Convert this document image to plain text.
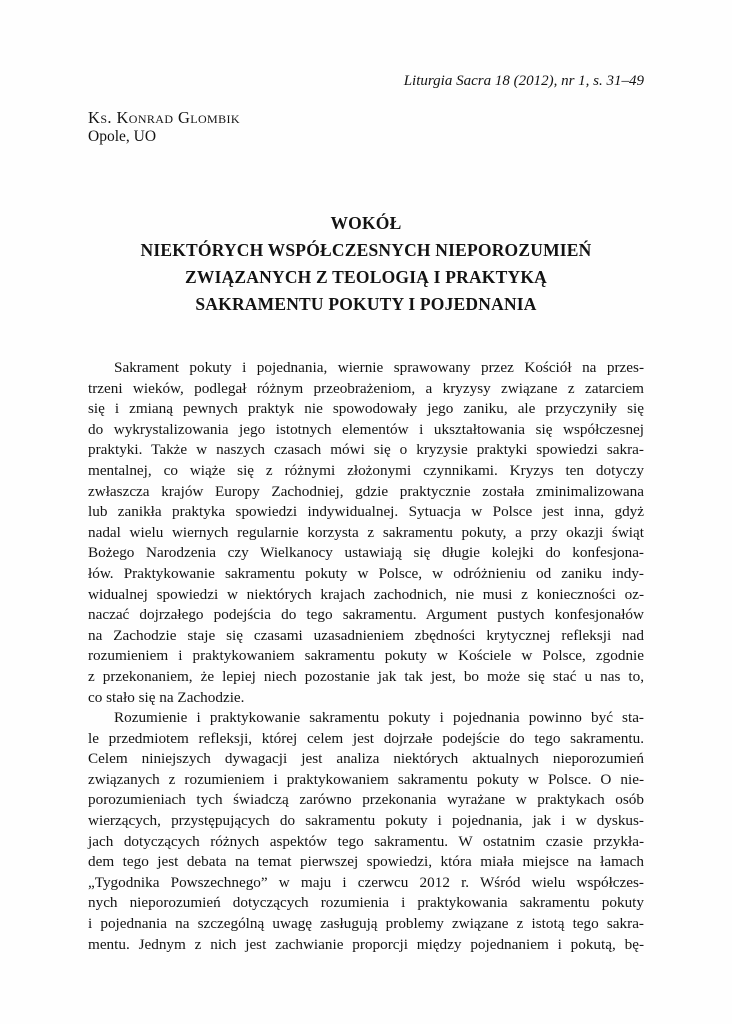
Liturgia Sacra 18 (2012), nr 1, s. 31–49
Ks. Konrad Glombik
Opole, UO
WOKÓŁ
NIEKTÓRYCH WSPÓŁCZESNYCH NIEPOROZUMIEŃ
ZWIĄZANYCH Z TEOLOGIĄ I PRAKTYKĄ
SAKRAMENTU POKUTY I POJEDNANIA
Sakrament pokuty i pojednania, wiernie sprawowany przez Kościół na przes-
trzeni wieków, podlegał różnym przeobrażeniom, a kryzysy związane z zatarciem
się i zmianą pewnych praktyk nie spowodowały jego zaniku, ale przyczyniły się
do wykrystalizowania jego istotnych elementów i ukształtowania się współczesnej
praktyki. Także w naszych czasach mówi się o kryzysie praktyki spowiedzi sakra-
mentalnej, co wiąże się z różnymi złożonymi czynnikami. Kryzys ten dotyczy
zwłaszcza krajów Europy Zachodniej, gdzie praktycznie została zminimalizowana
lub zanikła praktyka spowiedzi indywidualnej. Sytuacja w Polsce jest inna, gdyż
nadal wielu wiernych regularnie korzysta z sakramentu pokuty, a przy okazji świąt
Bożego Narodzenia czy Wielkanocy ustawiają się długie kolejki do konfesjona-
łów. Praktykowanie sakramentu pokuty w Polsce, w odróżnieniu od zaniku indy-
widualnej spowiedzi w niektórych krajach zachodnich, nie musi z konieczności oz-
naczać dojrzałego podejścia do tego sakramentu. Argument pustych konfesjonałów
na Zachodzie staje się czasami uzasadnieniem zbędności krytycznej refleksji nad
rozumieniem i praktykowaniem sakramentu pokuty w Kościele w Polsce, zgodnie
z przekonaniem, że lepiej niech pozostanie jak tak jest, bo może się stać u nas to,
co stało się na Zachodzie.
Rozumienie i praktykowanie sakramentu pokuty i pojednania powinno być sta-
le przedmiotem refleksji, której celem jest dojrzałe podejście do tego sakramentu.
Celem niniejszych dywagacji jest analiza niektórych aktualnych nieporozumień
związanych z rozumieniem i praktykowaniem sakramentu pokuty w Polsce. O nie-
porozumieniach tych świadczą zarówno przekonania wyrażane w praktykach osób
wierzących, przystępujących do sakramentu pokuty i pojednania, jak i w dyskus-
jach dotyczących różnych aspektów tego sakramentu. W ostatnim czasie przykła-
dem tego jest debata na temat pierwszej spowiedzi, która miała miejsce na łamach
„Tygodnika Powszechnego” w maju i czerwcu 2012 r. Wśród wielu współczes-
nych nieporozumień dotyczących rozumienia i praktykowania sakramentu pokuty
i pojednania na szczególną uwagę zasługują problemy związane z istotą tego sakra-
mentu. Jednym z nich jest zachwianie proporcji między pojednaniem i pokutą, bę-
